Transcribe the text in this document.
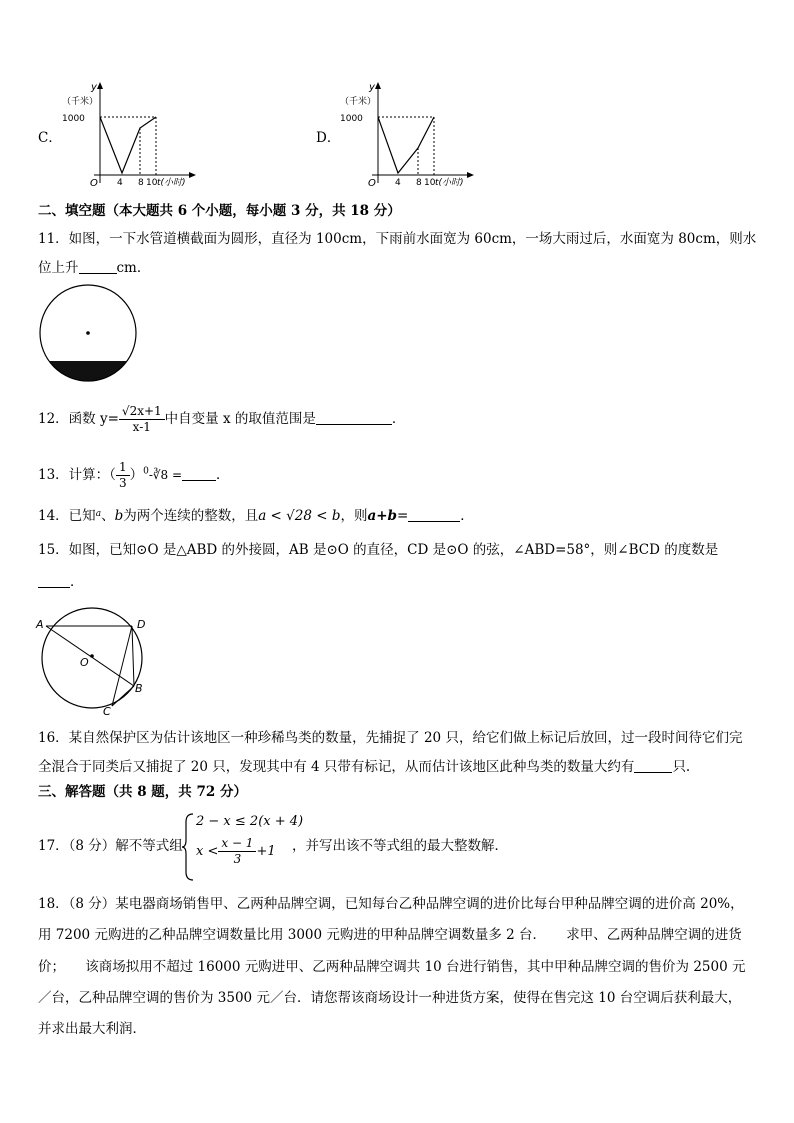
C．
y
（千米）
1000
O 4 8 10 t(小时)
D．
y
（千米）
1000
O 4 8 10 t(小时)
二、填空题（本大题共 6 个小题，每小题 3 分，共 18 分）
11．如图，一下水管道横截面为圆形，直径为 100cm，下雨前水面宽为 60cm，一场大雨过后，水面宽为 80cm，则水
位上升	cm．
12．函数 $y= \frac{√2x+1}{x-1}$ 中自变量 x 的取值范围是	．
13．计算：（ $\frac{1}{3}$ ）$^0$-∛8 =	．
14．已知$^a$、b为两个连续的整数，且a < √28 < b，则a+b=	．
15．如图，已知⊙O 是△ABD 的外接圆，AB 是⊙O 的直径，CD 是⊙O 的弦，∠ABD=58°，则∠BCD 的度数是
．
A	D
O
B
C
16．某自然保护区为估计该地区一种珍稀鸟类的数量，先捕捉了 20 只，给它们做上标记后放回，过一段时间待它们完
全混合于同类后又捕捉了 20 只，发现其中有 4 只带有标记，从而估计该地区此种鸟类的数量大约有	只.
三、解答题（共 8 题，共 72 分）
17．（8 分）解不等式组
2 − x ≤ 2(x + 4)
$x < \frac{x - 1}{3} +1$ ，并写出该不等式组的最大整数解．
18．（8 分）某电器商场销售甲、乙两种品牌空调，已知每台乙种品牌空调的进价比每台甲种品牌空调的进价高 20%，
用 7200 元购进的乙种品牌空调数量比用 3000 元购进的甲种品牌空调数量多 2 台．　　求甲、乙两种品牌空调的进货
价；　　该商场拟用不超过 16000 元购进甲、乙两种品牌空调共 10 台进行销售，其中甲种品牌空调的售价为 2500 元
／台，乙种品牌空调的售价为 3500 元／台．请您帮该商场设计一种进货方案，使得在售完这 10 台空调后获利最大，
并求出最大利润．
